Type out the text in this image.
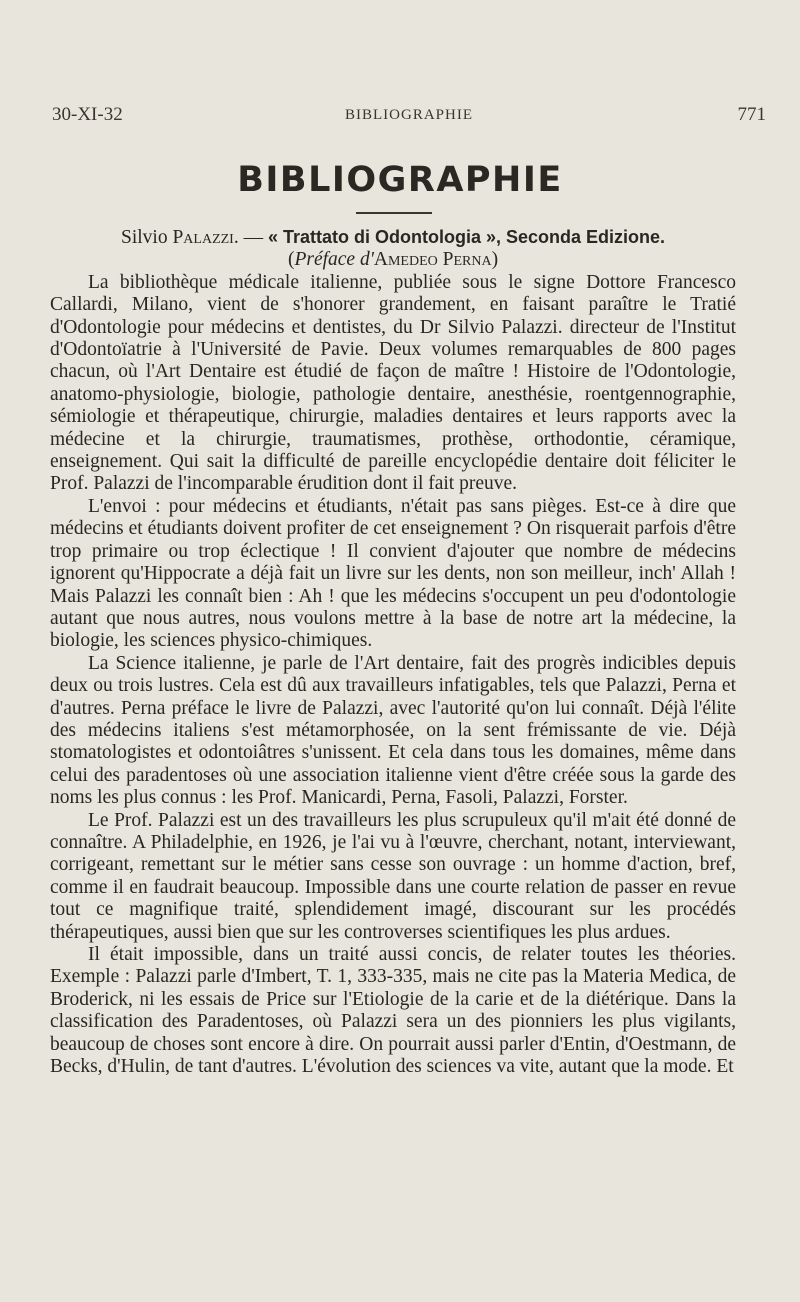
30-XI-32	BIBLIOGRAPHIE	771
BIBLIOGRAPHIE

Silvio Palazzi. — « Trattato di Odontologia », Seconda Edizione.

(Préface d'Amedeo Perna)

La bibliothèque médicale italienne, publiée sous le signe Dottore Francesco Callardi, Milano, vient de s'honorer grandement, en faisant paraître le Tratié d'Odontologie pour médecins et dentistes, du Dr Silvio Palazzi. directeur de l'Institut d'Odontoïatrie à l'Université de Pavie. Deux volumes remarquables de 800 pages chacun, où l'Art Dentaire est étudié de façon de maître ! Histoire de l'Odontologie, anatomo-physiologie, biologie, pathologie dentaire, anesthésie, roentgennographie, sémiologie et thérapeutique, chirurgie, maladies dentaires et leurs rapports avec la médecine et la chirurgie, traumatismes, prothèse, orthodontie, céramique, enseignement. Qui sait la difficulté de pareille encyclopédie dentaire doit féliciter le Prof. Palazzi de l'incomparable érudition dont il fait preuve.

L'envoi : pour médecins et étudiants, n'était pas sans pièges. Est-ce à dire que médecins et étudiants doivent profiter de cet enseignement ? On risquerait parfois d'être trop primaire ou trop éclectique ! Il convient d'ajouter que nombre de médecins ignorent qu'Hippocrate a déjà fait un livre sur les dents, non son meilleur, inch' Allah ! Mais Palazzi les connaît bien : Ah ! que les médecins s'occupent un peu d'odontologie autant que nous autres, nous voulons mettre à la base de notre art la médecine, la biologie, les sciences physico-chimiques.

La Science italienne, je parle de l'Art dentaire, fait des progrès indicibles depuis deux ou trois lustres. Cela est dû aux travailleurs infatigables, tels que Palazzi, Perna et d'autres. Perna préface le livre de Palazzi, avec l'autorité qu'on lui connaît. Déjà l'élite des médecins italiens s'est métamorphosée, on la sent frémissante de vie. Déjà stomatologistes et odontoiâtres s'unissent. Et cela dans tous les domaines, même dans celui des paradentoses où une association italienne vient d'être créée sous la garde des noms les plus connus : les Prof. Manicardi, Perna, Fasoli, Palazzi, Forster.

Le Prof. Palazzi est un des travailleurs les plus scrupuleux qu'il m'ait été donné de connaître. A Philadelphie, en 1926, je l'ai vu à l'œuvre, cherchant, notant, interviewant, corrigeant, remettant sur le métier sans cesse son ouvrage : un homme d'action, bref, comme il en faudrait beaucoup. Impossible dans une courte relation de passer en revue tout ce magnifique traité, splendidement imagé, discourant sur les procédés thérapeutiques, aussi bien que sur les controverses scientifiques les plus ardues.

Il était impossible, dans un traité aussi concis, de relater toutes les théories. Exemple : Palazzi parle d'Imbert, T. 1, 333-335, mais ne cite pas la Materia Medica, de Broderick, ni les essais de Price sur l'Etiologie de la carie et de la diétérique. Dans la classification des Paradentoses, où Palazzi sera un des pionniers les plus vigilants, beaucoup de choses sont encore à dire. On pourrait aussi parler d'Entin, d'Oestmann, de Becks, d'Hulin, de tant d'autres. L'évolution des sciences va vite, autant que la mode. Et
